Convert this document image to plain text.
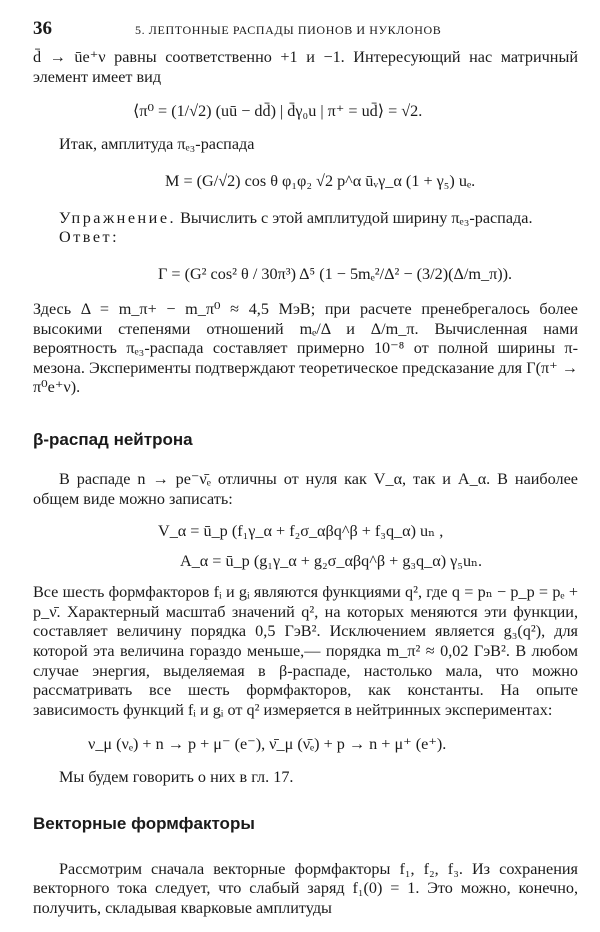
36	5. ЛЕПТОННЫЕ РАСПАДЫ ПИОНОВ И НУКЛОНОВ

d̄ → ūe⁺ν равны соответственно +1 и −1. Интересующий нас матричный элемент имеет вид

⟨π⁰ = (1/√2) (uū − dd̄) | d̄γ₀u | π⁺ = ud̄⟩ = √2.

Итак, амплитуда πₑ₃-распада

M = (G/√2) cos θ φ₁φ₂ √2 p^α ūᵥγ_α (1 + γ₅) uₑ.

Упражнение. Вычислить с этой амплитудой ширину πₑ₃-распада.

Ответ:

Γ = (G² cos² θ / 30π³) Δ⁵ (1 − 5mₑ²/Δ² − (3/2)(Δ/m_π)).

Здесь Δ = m_π+ − m_π⁰ ≈ 4,5 МэВ; при расчете пренебрегалось более высокими степенями отношений mₑ/Δ и Δ/m_π. Вычисленная нами вероятность πₑ₃-распада составляет примерно 10⁻⁸ от полной ширины π-мезона. Эксперименты подтверждают теоретическое предсказание для Γ(π⁺ → π⁰e⁺ν).

β-распад нейтрона

В распаде n → pe⁻ν̄ₑ отличны от нуля как V_α, так и A_α. В наиболее общем виде можно записать:

V_α = ū_p (f₁γ_α + f₂σ_αβq^β + f₃q_α) uₙ ,
A_α = ū_p (g₁γ_α + g₂σ_αβq^β + g₃q_α) γ₅uₙ.

Все шесть формфакторов fᵢ и gᵢ являются функциями q², где q = pₙ − p_p = pₑ + p_ν̄. Характерный масштаб значений q², на которых меняются эти функции, составляет величину порядка 0,5 ГэВ². Исключением является g₃(q²), для которой эта величина гораздо меньше,— порядка m_π² ≈ 0,02 ГэВ². В любом случае энергия, выделяемая в β-распаде, настолько мала, что можно рассматривать все шесть формфакторов, как константы. На опыте зависимость функций fᵢ и gᵢ от q² измеряется в нейтринных экспериментах:

ν_μ (νₑ) + n → p + μ⁻ (e⁻), ν̄_μ (ν̄ₑ) + p → n + μ⁺ (e⁺).

Мы будем говорить о них в гл. 17.

Векторные формфакторы

Рассмотрим сначала векторные формфакторы f₁, f₂, f₃. Из сохранения векторного тока следует, что слабый заряд f₁(0) = 1. Это можно, конечно, получить, складывая кварковые амплитуды
